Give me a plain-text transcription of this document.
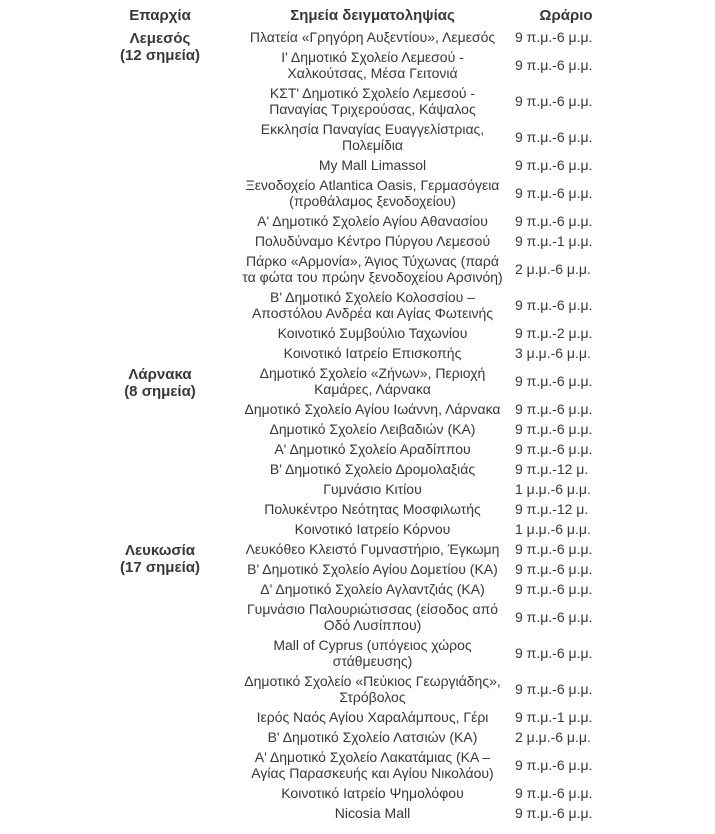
Επαρχία	Σημεία δειγματοληψίας	Ωράριο
Λεμεσός
(12 σημεία)
Πλατεία «Γρηγόρη Αυξεντίου», Λεμεσός	9 π.μ.-6 μ.μ.
Ι' Δημοτικό Σχολείο Λεμεσού - Χαλκούτσας, Μέσα Γειτονιά	9 π.μ.-6 μ.μ.
ΚΣΤ' Δημοτικό Σχολείο Λεμεσού - Παναγίας Τριχερούσας, Κάψαλος	9 π.μ.-6 μ.μ.
Εκκλησία Παναγίας Ευαγγελίστριας, Πολεμίδια	9 π.μ.-6 μ.μ.
My Mall Limassol	9 π.μ.-6 μ.μ.
Ξενοδοχείο Atlantica Oasis, Γερμασόγεια (προθάλαμος ξενοδοχείου)	9 π.μ.-6 μ.μ.
Α' Δημοτικό Σχολείο Αγίου Αθανασίου	9 π.μ.-6 μ.μ.
Πολυδύναμο Κέντρο Πύργου Λεμεσού	9 π.μ.-1 μ.μ.
Πάρκο «Αρμονία», Άγιος Τύχωνας (παρά τα φώτα του πρώην ξενοδοχείου Αρσινόη) 2 μ.μ.-6 μ.μ.
Β' Δημοτικό Σχολείο Κολοσσίου – Αποστόλου Ανδρέα και Αγίας Φωτεινής	9 π.μ.-6 μ.μ.
Κοινοτικό Συμβούλιο Ταχωνίου	9 π.μ.-2 μ.μ.
Κοινοτικό Ιατρείο Επισκοπής	3 μ.μ.-6 μ.μ.
Λάρνακα
(8 σημεία)
Δημοτικό Σχολείο «Ζήνων», Περιοχή Καμάρες, Λάρνακα	9 π.μ.-6 μ.μ.
Δημοτικό Σχολείο Αγίου Ιωάννη, Λάρνακα	9 π.μ.-6 μ.μ.
Δημοτικό Σχολείο Λειβαδιών (ΚΑ)	9 π.μ.-6 μ.μ.
Α' Δημοτικό Σχολείο Αραδίππου	9 π.μ.-6 μ.μ.
Β' Δημοτικό Σχολείο Δρομολαξιάς	9 π.μ.-12 μ.
Γυμνάσιο Κιτίου	1 μ.μ.-6 μ.μ.
Πολυκέντρο Νεότητας Μοσφιλωτής	9 π.μ.-12 μ.
Κοινοτικό Ιατρείο Κόρνου	1 μ.μ.-6 μ.μ.
Λευκωσία
(17 σημεία)
Λευκόθεο Κλειστό Γυμναστήριο, Έγκωμη	9 π.μ.-6 μ.μ.
Β' Δημοτικό Σχολείο Αγίου Δομετίου (ΚΑ)	9 π.μ.-6 μ.μ.
Δ' Δημοτικό Σχολείο Αγλαντζιάς (ΚΑ)	9 π.μ.-6 μ.μ.
Γυμνάσιο Παλουριώτισσας (είσοδος από Οδό Λυσίππου)	9 π.μ.-6 μ.μ.
Mall of Cyprus (υπόγειος χώρος στάθμευσης)	9 π.μ.-6 μ.μ.
Δημοτικό Σχολείο «Πεύκιος Γεωργιάδης», Στρόβολος	9 π.μ.-6 μ.μ.
Ιερός Ναός Αγίου Χαραλάμπους, Γέρι	9 π.μ.-1 μ.μ.
Β' Δημοτικό Σχολείο Λατσιών (ΚΑ)	2 μ.μ.-6 μ.μ.
Α' Δημοτικό Σχολείο Λακατάμιας (ΚΑ – Αγίας Παρασκευής και Αγίου Νικολάου)	9 π.μ.-6 μ.μ.
Κοινοτικό Ιατρείο Ψημολόφου	9 π.μ.-6 μ.μ.
Nicosia Mall	9 π.μ.-6 μ.μ.
